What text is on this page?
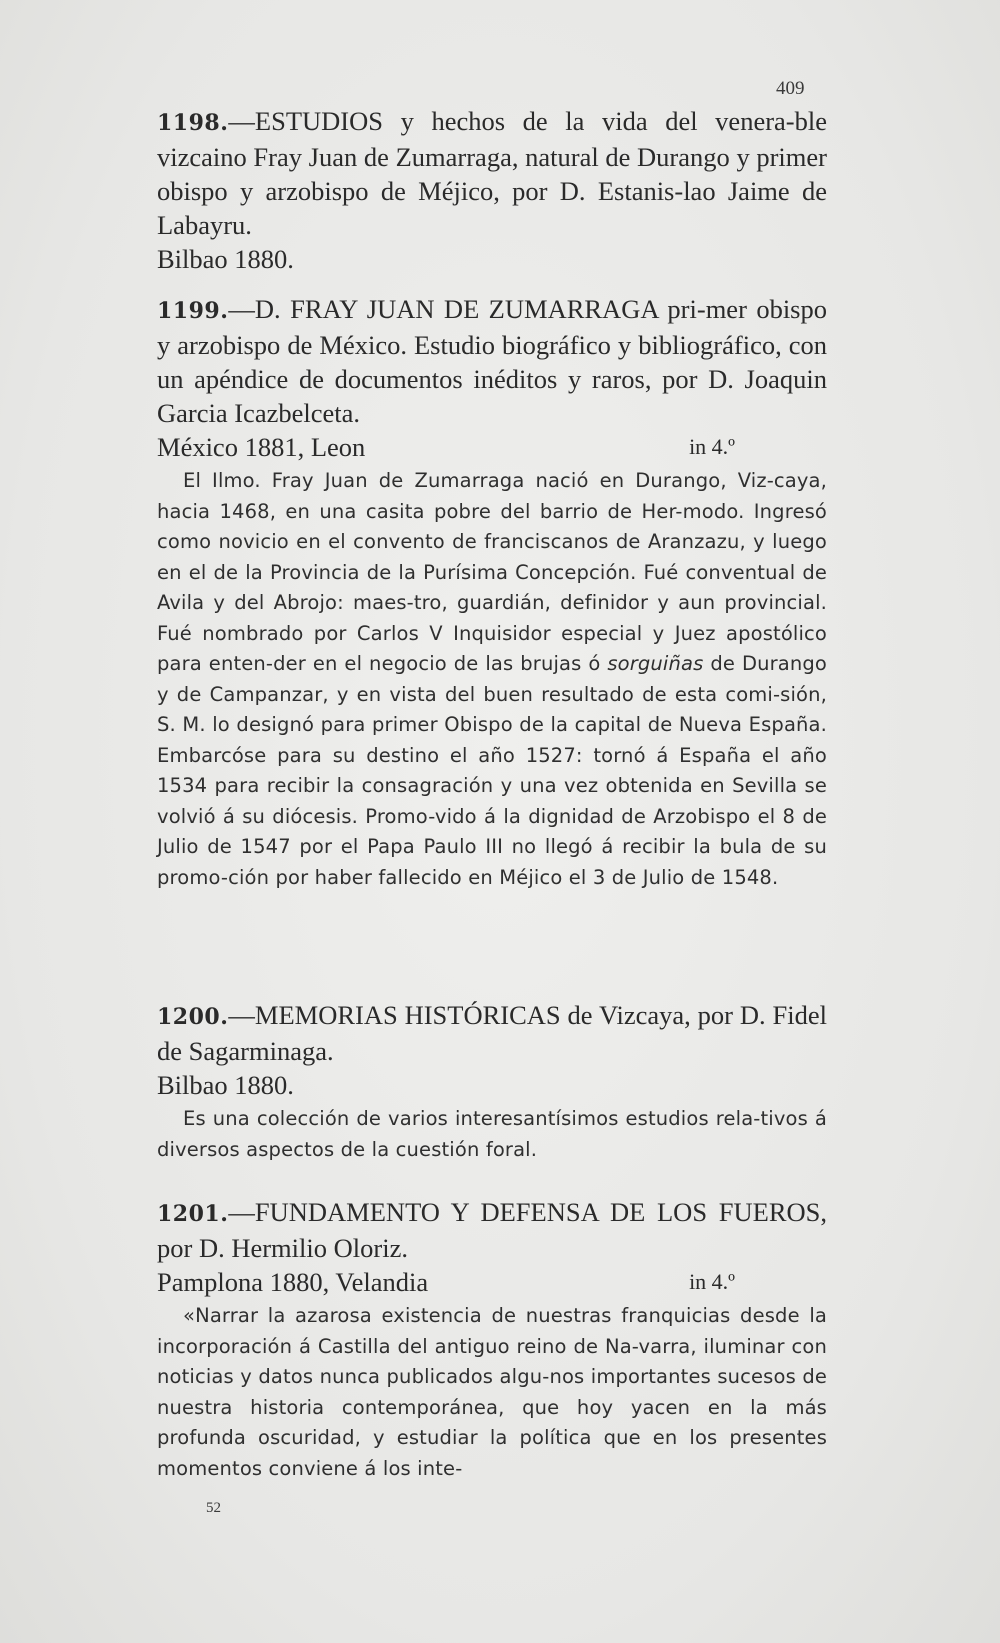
409

1198.—ESTUDIOS y hechos de la vida del venera-ble vizcaino Fray Juan de Zumarraga, natural de Durango y primer obispo y arzobispo de Méjico, por D. Estanis-lao Jaime de Labayru.

Bilbao 1880.

1199.—D. FRAY JUAN DE ZUMARRAGA pri-mer obispo y arzobispo de México. Estudio biográfico y bibliográfico, con un apéndice de documentos inéditos y raros, por D. Joaquin Garcia Icazbelceta.

México 1881, Leon	in 4.º

El Ilmo. Fray Juan de Zumarraga nació en Durango, Viz-caya, hacia 1468, en una casita pobre del barrio de Her-modo. Ingresó como novicio en el convento de franciscanos de Aranzazu, y luego en el de la Provincia de la Purísima Concepción. Fué conventual de Avila y del Abrojo: maes-tro, guardián, definidor y aun provincial. Fué nombrado por Carlos V Inquisidor especial y Juez apostólico para enten-der en el negocio de las brujas ó sorguiñas de Durango y de Campanzar, y en vista del buen resultado de esta comi-sión, S. M. lo designó para primer Obispo de la capital de Nueva España. Embarcóse para su destino el año 1527: tornó á España el año 1534 para recibir la consagración y una vez obtenida en Sevilla se volvió á su diócesis. Promo-vido á la dignidad de Arzobispo el 8 de Julio de 1547 por el Papa Paulo III no llegó á recibir la bula de su promo-ción por haber fallecido en Méjico el 3 de Julio de 1548.

1200.—MEMORIAS HISTÓRICAS de Vizcaya, por D. Fidel de Sagarminaga.

Bilbao 1880.

Es una colección de varios interesantísimos estudios rela-tivos á diversos aspectos de la cuestión foral.

1201.—FUNDAMENTO Y DEFENSA DE LOS FUEROS, por D. Hermilio Oloriz.

Pamplona 1880, Velandia	in 4.º

«Narrar la azarosa existencia de nuestras franquicias desde la incorporación á Castilla del antiguo reino de Na-varra, iluminar con noticias y datos nunca publicados algu-nos importantes sucesos de nuestra historia contemporánea, que hoy yacen en la más profunda oscuridad, y estudiar la política que en los presentes momentos conviene á los inte-

52
